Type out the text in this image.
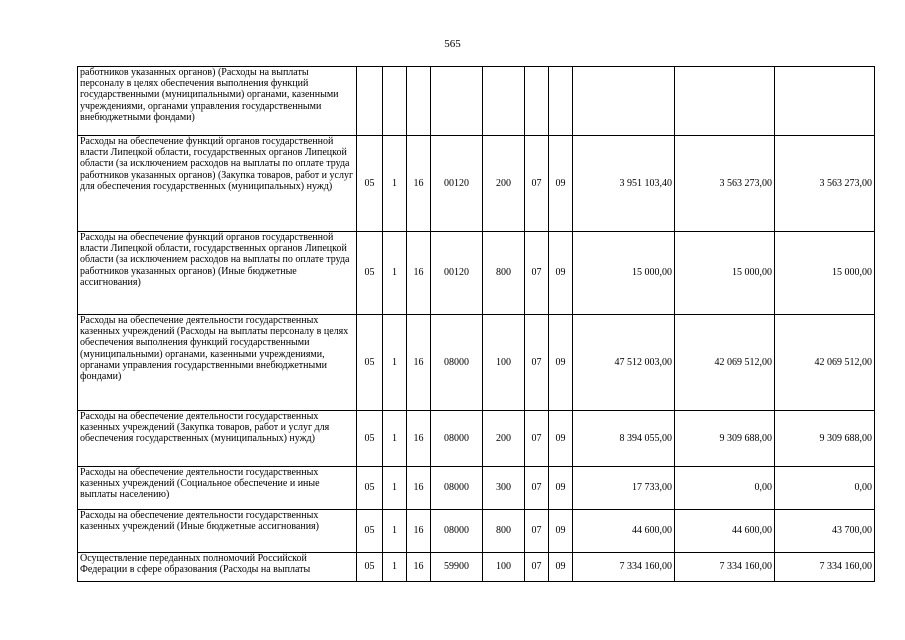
565
работников указанных органов) (Расходы на выплаты персоналу в целях обеспечения выполнения функций государственными (муниципальными) органами, казенными учреждениями, органами управления государственными внебюджетными фондами)										
Расходы на обеспечение функций органов государственной власти Липецкой области, государственных органов Липецкой области (за исключением расходов на выплаты по оплате труда работников указанных органов) (Закупка товаров, работ и услуг для обеспечения государственных (муниципальных) нужд)	05	1	16	00120	200	07	09	3 951 103,40	3 563 273,00	3 563 273,00
Расходы на обеспечение функций органов государственной власти Липецкой области, государственных органов Липецкой области (за исключением расходов на выплаты по оплате труда работников указанных органов) (Иные бюджетные ассигнования)	05	1	16	00120	800	07	09	15 000,00	15 000,00	15 000,00
Расходы на обеспечение деятельности государственных казенных учреждений (Расходы на выплаты персоналу в целях обеспечения выполнения функций государственными (муниципальными) органами, казенными учреждениями, органами управления государственными внебюджетными фондами)	05	1	16	08000	100	07	09	47 512 003,00	42 069 512,00	42 069 512,00
Расходы на обеспечение деятельности государственных казенных учреждений (Закупка товаров, работ и услуг для обеспечения государственных (муниципальных) нужд)	05	1	16	08000	200	07	09	8 394 055,00	9 309 688,00	9 309 688,00
Расходы на обеспечение деятельности государственных казенных учреждений (Социальное обеспечение и иные выплаты населению)	05	1	16	08000	300	07	09	17 733,00	0,00	0,00
Расходы на обеспечение деятельности государственных казенных учреждений (Иные бюджетные ассигнования)	05	1	16	08000	800	07	09	44 600,00	44 600,00	43 700,00
Осуществление переданных полномочий Российской Федерации в сфере образования (Расходы на выплаты	05	1	16	59900	100	07	09	7 334 160,00	7 334 160,00	7 334 160,00
